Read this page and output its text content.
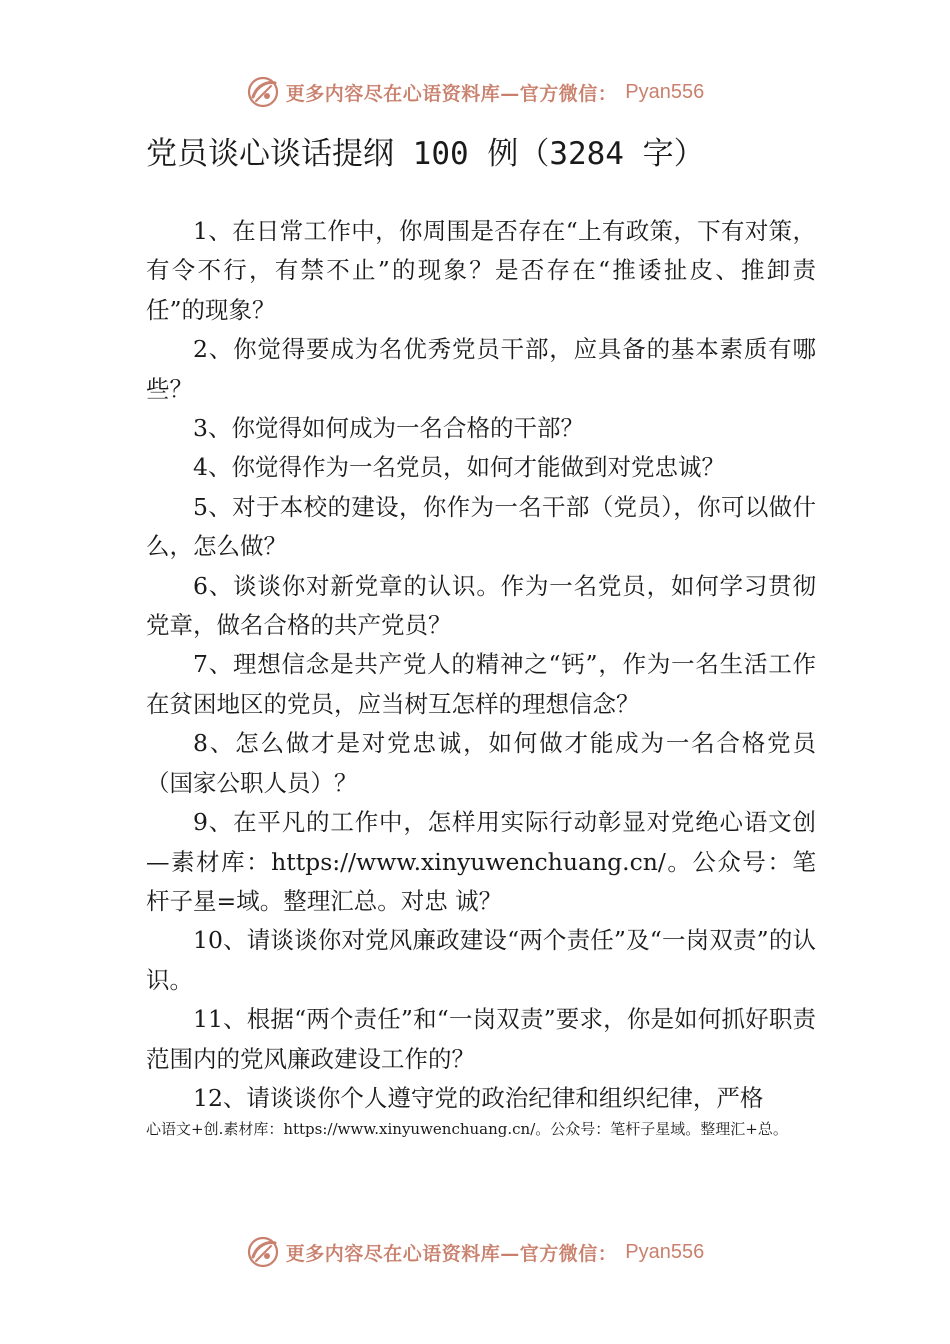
更多内容尽在心语资料库—官方微信： Pyan556
党员谈心谈话提纲 100 例（3284 字）

1、在日常工作中，你周围是否存在“上有政策，下有对策，有令不行，有禁不止”的现象？是否存在“推诿扯皮、推卸责任”的现象？

2、你觉得要成为名优秀党员干部，应具备的基本素质有哪些？

3、你觉得如何成为一名合格的干部？

4、你觉得作为一名党员，如何才能做到对党忠诚？

5、对于本校的建设，你作为一名干部（党员），你可以做什么，怎么做？

6、谈谈你对新党章的认识。作为一名党员，如何学习贯彻党章，做名合格的共产党员？

7、理想信念是共产党人的精神之“钙”，作为一名生活工作在贫困地区的党员，应当树互怎样的理想信念？

8、怎么做才是对党忠诚，如何做才能成为一名合格党员（国家公职人员）？

9、在平凡的工作中，怎样用实际行动彰显对党绝心语文创—素材库：https://www.xinyuwenchuang.cn/。公众号：笔杆子星=域。整理汇总。对忠 诚？

10、请谈谈你对党风廉政建设“两个责任”及“一岗双责”的认识。

11、根据“两个责任”和“一岗双责”要求，你是如何抓好职责范围内的党风廉政建设工作的？

12、请谈谈你个人遵守党的政治纪律和组织纪律，严格

心语文+创.素材库：https://www.xinyuwenchuang.cn/。公众号：笔杆子星域。整理汇+总。
更多内容尽在心语资料库—官方微信： Pyan556
